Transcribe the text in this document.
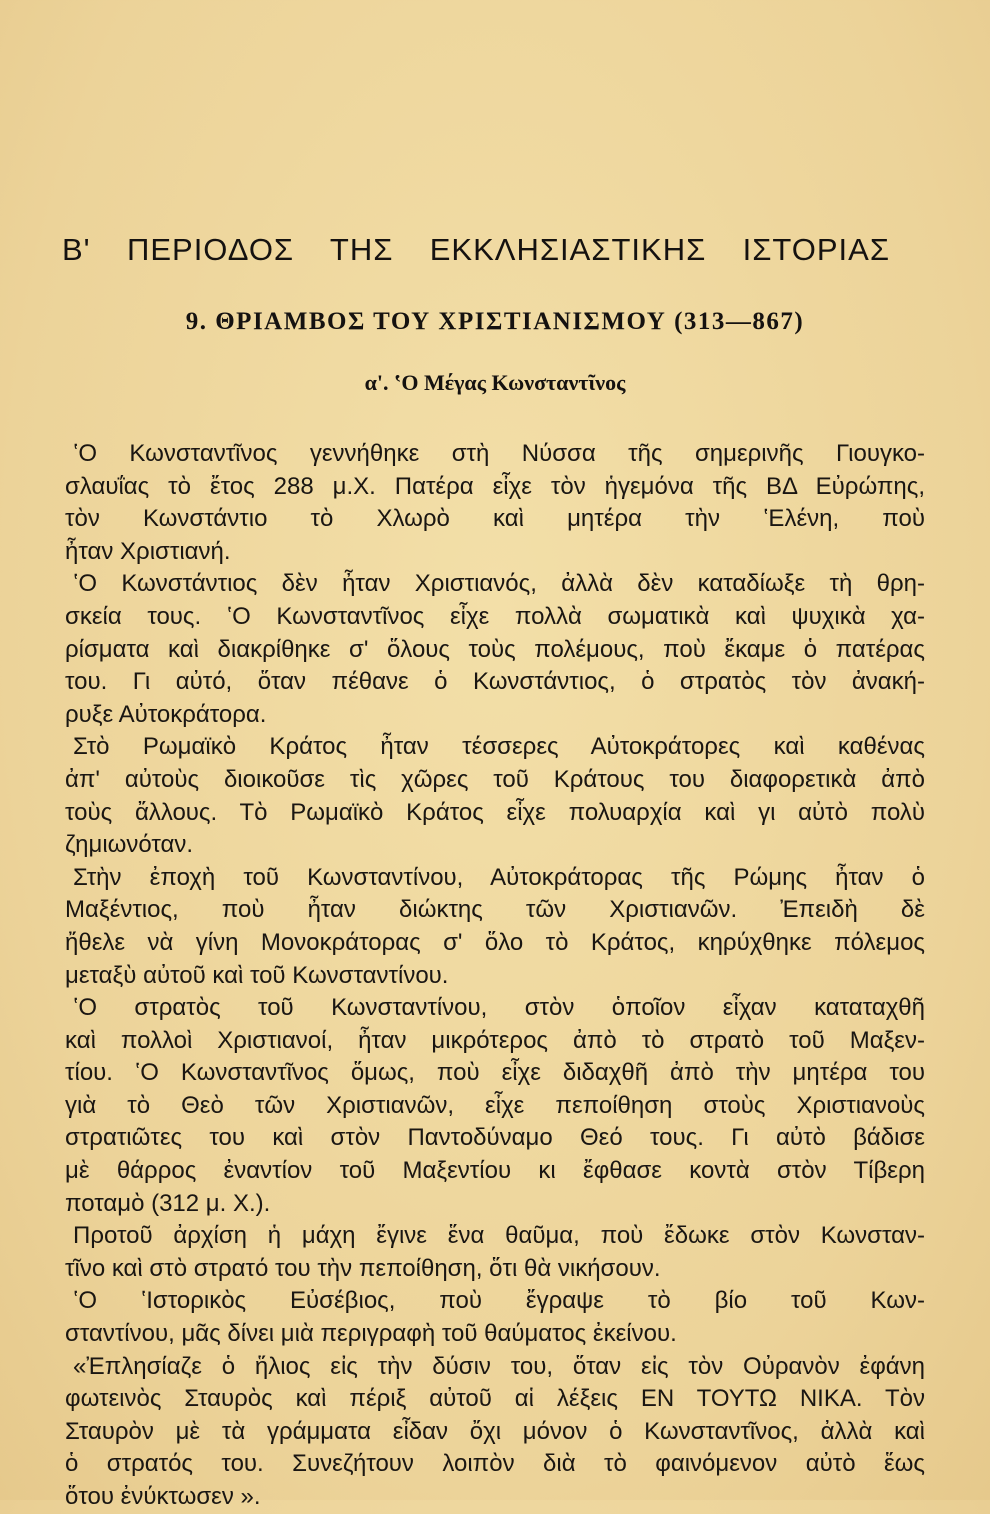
Β' ΠΕΡΙΟΔΟΣ ΤΗΣ ΕΚΚΛΗΣΙΑΣΤΙΚΗΣ ΙΣΤΟΡΙΑΣ
9. ΘΡΙΑΜΒΟΣ ΤΟΥ ΧΡΙΣΤΙΑΝΙΣΜΟΥ (313—867)
α'. ʽΟ Μέγας Κωνσταντῖνος
ʽΟ Κωνσταντῖνος γεννήθηκε στὴ Νύσσα τῆς σημερινῆς Γιουγκο-
σλαυΐας τὸ ἔτος 288 μ.Χ. Πατέρα εἶχε τὸν ἡγεμόνα τῆς ΒΔ Εὐρώπης,
τὸν Κωνστάντιο τὸ Χλωρὸ καὶ μητέρα τὴν ʽΕλένη, ποὺ
ἦταν Χριστιανή.
ʽΟ Κωνστάντιος δὲν ἦταν Χριστιανός, ἀλλὰ δὲν καταδίωξε τὴ θρη-
σκεία τους. ʽΟ Κωνσταντῖνος εἶχε πολλὰ σωματικὰ καὶ ψυχικὰ χα-
ρίσματα καὶ διακρίθηκε σ' ὅλους τοὺς πολέμους, ποὺ ἔκαμε ὁ πατέρας
του. Γι αὐτό, ὅταν πέθανε ὁ Κωνστάντιος, ὁ στρατὸς τὸν ἀνακή-
ρυξε Αὐτοκράτορα.
Στὸ Ρωμαϊκὸ Κράτος ἦταν τέσσερες Αὐτοκράτορες καὶ καθένας
ἀπ' αὐτοὺς διοικοῦσε τὶς χῶρες τοῦ Κράτους του διαφορετικὰ ἀπὸ
τοὺς ἄλλους. Τὸ Ρωμαϊκὸ Κράτος εἶχε πολυαρχία καὶ γι αὐτὸ πολὺ
ζημιωνόταν.
Στὴν ἐποχὴ τοῦ Κωνσταντίνου, Αὐτοκράτορας τῆς Ρώμης ἦταν ὁ
Μαξέντιος, ποὺ ἦταν διώκτης τῶν Χριστιανῶν. Ἐπειδὴ δὲ
ἤθελε νὰ γίνη Μονοκράτορας σ' ὅλο τὸ Κράτος, κηρύχθηκε πόλεμος
μεταξὺ αὐτοῦ καὶ τοῦ Κωνσταντίνου.
ʽΟ στρατὸς τοῦ Κωνσταντίνου, στὸν ὁποῖον εἶχαν καταταχθῆ
καὶ πολλοὶ Χριστιανοί, ἦταν μικρότερος ἀπὸ τὸ στρατὸ τοῦ Μαξεν-
τίου. ʽΟ Κωνσταντῖνος ὅμως, ποὺ εἶχε διδαχθῆ ἀπὸ τὴν μητέρα του
γιὰ τὸ Θεὸ τῶν Χριστιανῶν, εἶχε πεποίθηση στοὺς Χριστιανοὺς
στρατιῶτες του καὶ στὸν Παντοδύναμο Θεό τους. Γι αὐτὸ βάδισε
μὲ θάρρος ἐναντίον τοῦ Μαξεντίου κι ἔφθασε κοντὰ στὸν Τίβερη
ποταμὸ (312 μ. Χ.).
Προτοῦ ἀρχίση ἡ μάχη ἔγινε ἕνα θαῦμα, ποὺ ἔδωκε στὸν Κωνσταν-
τῖνο καὶ στὸ στρατό του τὴν πεποίθηση, ὅτι θὰ νικήσουν.
ʽΟ ʽΙστορικὸς Εὐσέβιος, ποὺ ἔγραψε τὸ βίο τοῦ Κων-
σταντίνου, μᾶς δίνει μιὰ περιγραφὴ τοῦ θαύματος ἐκείνου.
«Ἐπλησίαζε ὁ ἥλιος εἰς τὴν δύσιν του, ὅταν εἰς τὸν Οὐρανὸν ἐφάνη
φωτεινὸς Σταυρὸς καὶ πέριξ αὐτοῦ αἱ λέξεις ΕΝ ΤΟΥΤΩ ΝΙΚΑ. Τὸν
Σταυρὸν μὲ τὰ γράμματα εἶδαν ὄχι μόνον ὁ Κωνσταντῖνος, ἀλλὰ καὶ
ὁ στρατός του. Συνεζήτουν λοιπὸν διὰ τὸ φαινόμενον αὐτὸ ἕως
ὅτου ἐνύκτωσεν ».
